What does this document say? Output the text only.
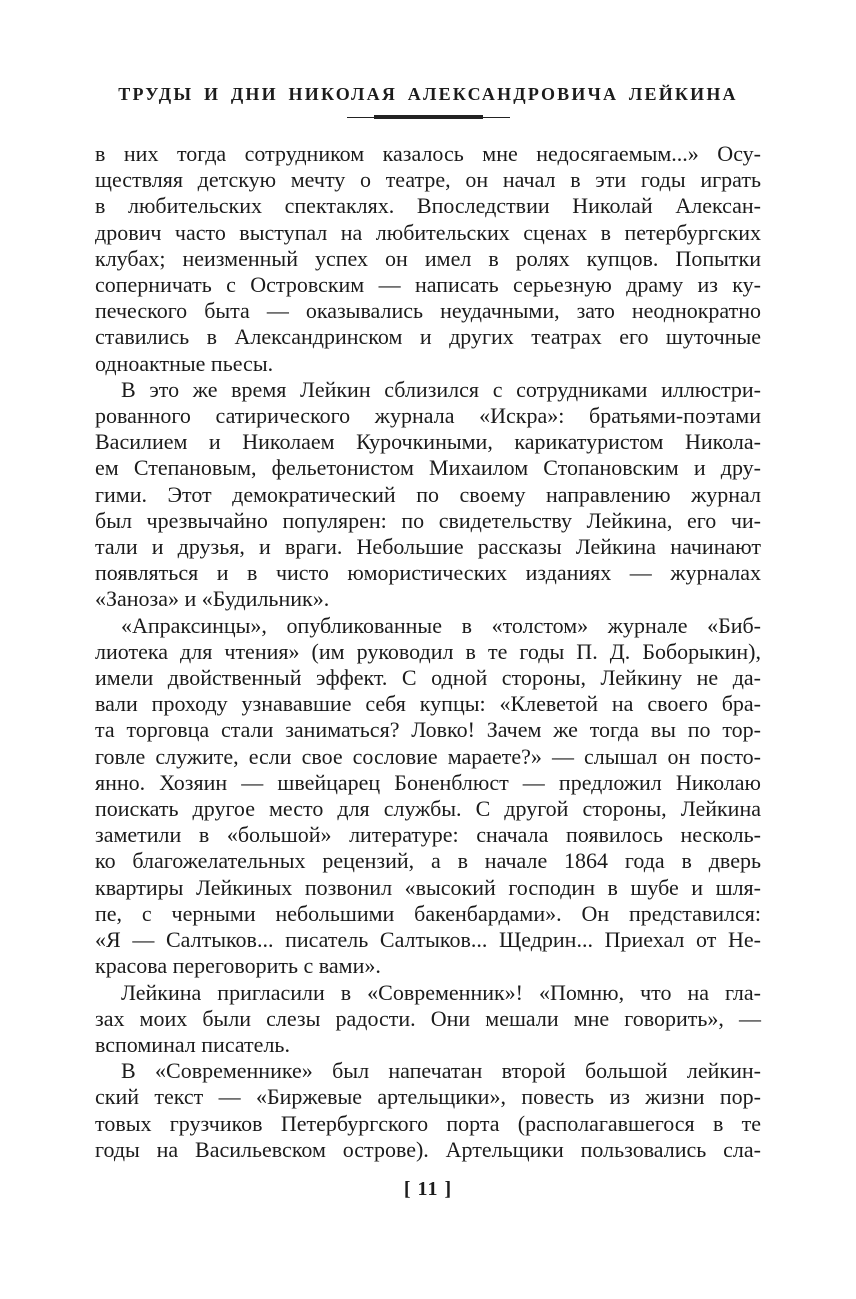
ТРУДЫ И ДНИ НИКОЛАЯ АЛЕКСАНДРОВИЧА ЛЕЙКИНА
в них тогда сотрудником казалось мне недосягаемым...» Осу-
ществляя детскую мечту о театре, он начал в эти годы играть
в любительских спектаклях. Впоследствии Николай Алексан-
дрович часто выступал на любительских сценах в петербургских
клубах; неизменный успех он имел в ролях купцов. Попытки
соперничать с Островским — написать серьезную драму из ку-
печеского быта — оказывались неудачными, зато неоднократно
ставились в Александринском и других театрах его шуточные
одноактные пьесы.
В это же время Лейкин сблизился с сотрудниками иллюстри-
рованного сатирического журнала «Искра»: братьями-поэтами
Василием и Николаем Курочкиными, карикатуристом Никола-
ем Степановым, фельетонистом Михаилом Стопановским и дру-
гими. Этот демократический по своему направлению журнал
был чрезвычайно популярен: по свидетельству Лейкина, его чи-
тали и друзья, и враги. Небольшие рассказы Лейкина начинают
появляться и в чисто юмористических изданиях — журналах
«Заноза» и «Будильник».
«Апраксинцы», опубликованные в «толстом» журнале «Биб-
лиотека для чтения» (им руководил в те годы П. Д. Боборыкин),
имели двойственный эффект. С одной стороны, Лейкину не да-
вали проходу узнававшие себя купцы: «Клеветой на своего бра-
та торговца стали заниматься? Ловко! Зачем же тогда вы по тор-
говле служите, если свое сословие мараете?» — слышал он посто-
янно. Хозяин — швейцарец Боненблюст — предложил Николаю
поискать другое место для службы. С другой стороны, Лейкина
заметили в «большой» литературе: сначала появилось несколь-
ко благожелательных рецензий, а в начале 1864 года в дверь
квартиры Лейкиных позвонил «высокий господин в шубе и шля-
пе, с черными небольшими бакенбардами». Он представился:
«Я — Салтыков... писатель Салтыков... Щедрин... Приехал от Не-
красова переговорить с вами».
Лейкина пригласили в «Современник»! «Помню, что на гла-
зах моих были слезы радости. Они мешали мне говорить», —
вспоминал писатель.
В «Современнике» был напечатан второй большой лейкин-
ский текст — «Биржевые артельщики», повесть из жизни пор-
товых грузчиков Петербургского порта (располагавшегося в те
годы на Васильевском острове). Артельщики пользовались сла-
[ 11 ]
